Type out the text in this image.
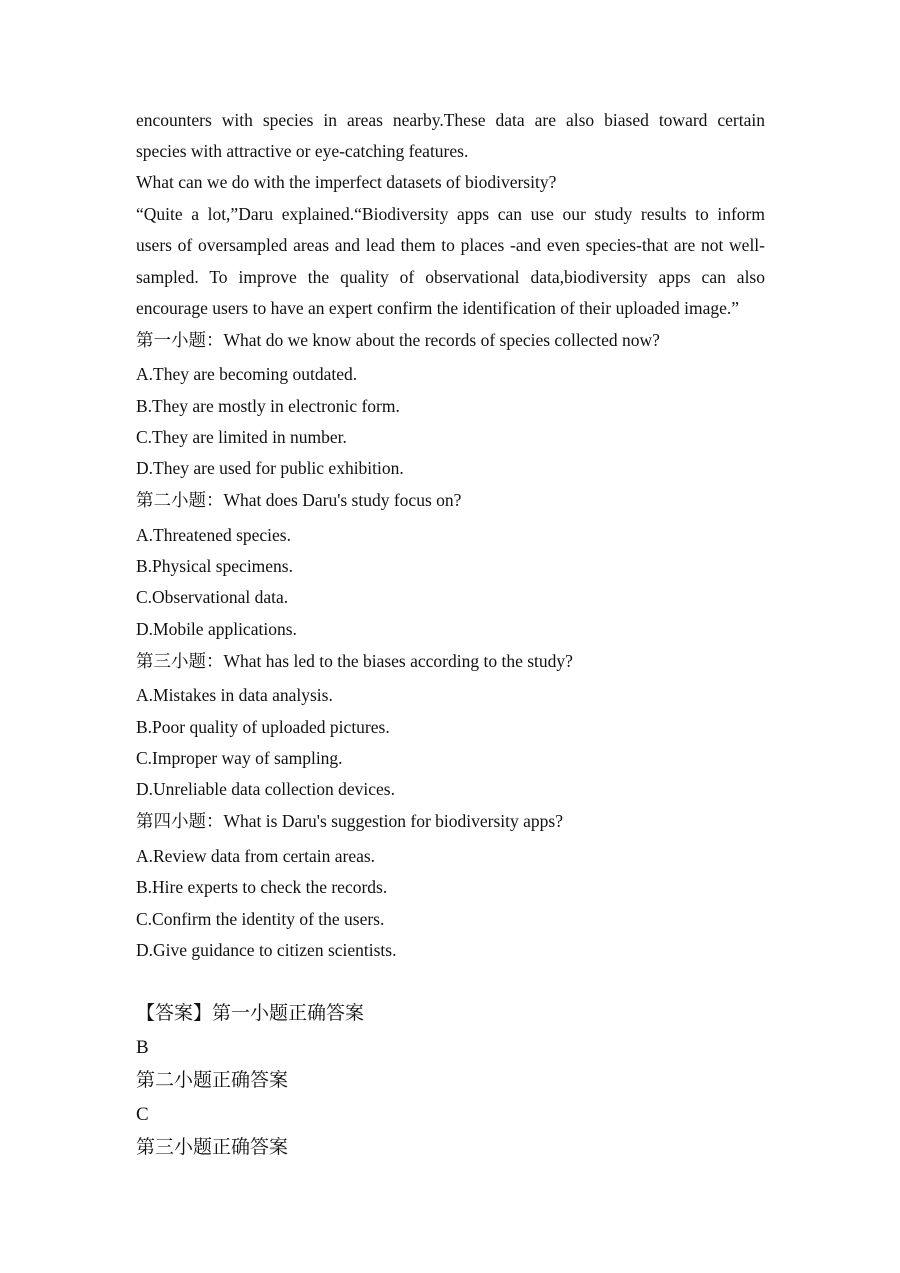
encounters with species in areas nearby.These data are also biased toward certain
species with attractive or eye-catching features.
What can we do with the imperfect datasets of biodiversity?
“Quite a lot,”Daru explained.“Biodiversity apps can use our study results to inform
users of oversampled areas and lead them to places -and even species-that are not well-
sampled. To improve the quality of observational data,biodiversity apps can also
encourage users to have an expert confirm the identification of their uploaded image.”
第一小题：What do we know about the records of species collected now?
A.They are becoming outdated.
B.They are mostly in electronic form.
C.They are limited in number.
D.They are used for public exhibition.
第二小题：What does Daru's study focus on?
A.Threatened species.
B.Physical specimens.
C.Observational data.
D.Mobile applications.
第三小题：What has led to the biases according to the study?
A.Mistakes in data analysis.
B.Poor quality of uploaded pictures.
C.Improper way of sampling.
D.Unreliable data collection devices.
第四小题：What is Daru's suggestion for biodiversity apps?
A.Review data from certain areas.
B.Hire experts to check the records.
C.Confirm the identity of the users.
D.Give guidance to citizen scientists.
【答案】第一小题正确答案
B
第二小题正确答案
C
第三小题正确答案
